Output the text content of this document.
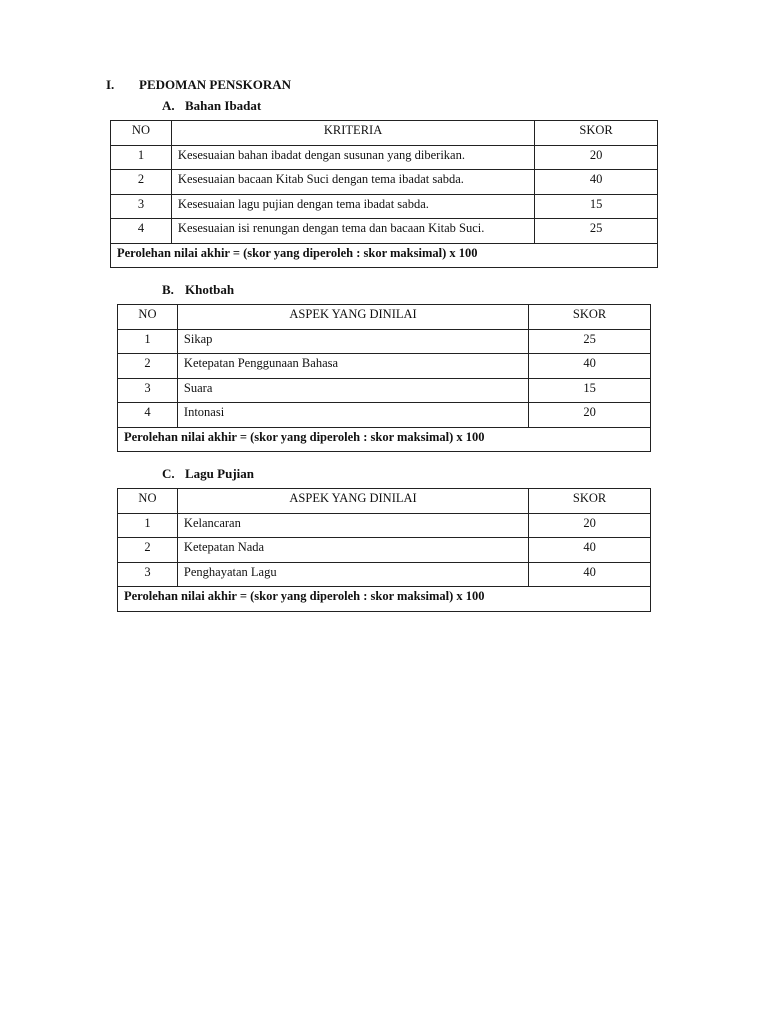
I. PEDOMAN PENSKORAN
A. Bahan Ibadat
NO	KRITERIA	SKOR
1	Kesesuaian bahan ibadat dengan susunan yang diberikan.	20
2	Kesesuaian bacaan Kitab Suci dengan tema ibadat sabda.	40
3	Kesesuaian lagu pujian dengan tema ibadat sabda.	15
4	Kesesuaian isi renungan dengan tema dan bacaan Kitab Suci.	25
Perolehan nilai akhir = (skor yang diperoleh : skor maksimal) x 100		
B. Khotbah
NO	ASPEK YANG DINILAI	SKOR
1	Sikap	25
2	Ketepatan Penggunaan Bahasa	40
3	Suara	15
4	Intonasi	20
Perolehan nilai akhir = (skor yang diperoleh : skor maksimal) x 100		
C. Lagu Pujian
NO	ASPEK YANG DINILAI	SKOR
1	Kelancaran	20
2	Ketepatan Nada	40
3	Penghayatan Lagu	40
Perolehan nilai akhir = (skor yang diperoleh : skor maksimal) x 100		
